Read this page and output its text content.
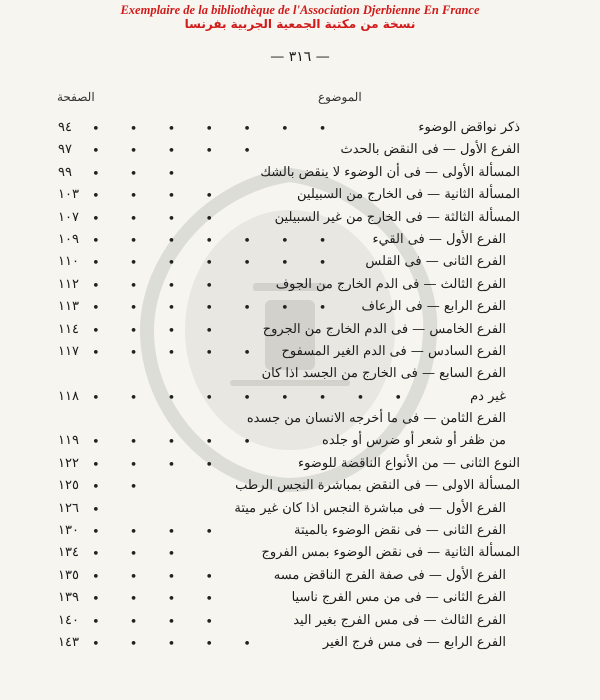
Exemplaire de la bibliothèque de l'Association Djerbienne En France
نسخة من مكتبة الجمعية الجربية بفرنسا
— ٣١٦ —
الموضوع
الصفحة
ذكر نواقض الوضوء
• • • • • • •
٩٤
الفرع الأول — فى النقض بالحدث
• • • • •
٩٧
المسألة الأولى — فى أن الوضوء لا ينقض بالشك
• • •
٩٩
المسألة الثانية — فى الخارج من السبيلين
• • • •
١٠٣
المسألة الثالثة — فى الخارج من غير السبيلين
• • • •
١٠٧
الفرع الأول — فى القيء
• • • • • • •
١٠٩
الفرع الثانى — فى القلس
• • • • • • •
١١٠
الفرع الثالث — فى الدم الخارج من الجوف
• • • •
١١٢
الفرع الرابع — فى الرعاف
• • • • • • •
١١٣
الفرع الخامس — فى الدم الخارج من الجروح
• • • •
١١٤
الفرع السادس — فى الدم الغير المسفوح
• • • • •
١١٧
الفرع السابع — فى الخارج من الجسد اذا كان
غير دم
• • • • • • • • •
١١٨
الفرع الثامن — فى ما أخرجه الانسان من جسده
من ظفر أو شعر أو ضرس أو جلده
• • • • •
١١٩
النوع الثانى — من الأنواع الناقضة للوضوء
• • • •
١٢٢
المسألة الاولى — فى النقض بمباشرة النجس الرطب
• •
١٢٥
الفرع الأول — فى مباشرة النجس اذا كان غير ميتة
•
١٢٦
الفرع الثانى — فى نقض الوضوء بالميتة
• • • •
١٣٠
المسألة الثانية — فى نقض الوضوء بمس الفروج
• • •
١٣٤
الفرع الأول — فى صفة الفرج الناقض مسه
• • • •
١٣٥
الفرع الثانى — فى من مس الفرج ناسيا
• • • •
١٣٩
الفرع الثالث — فى مس الفرج بغير اليد
• • • •
١٤٠
الفرع الرابع — فى مس فرج الغير
• • • • •
١٤٣
